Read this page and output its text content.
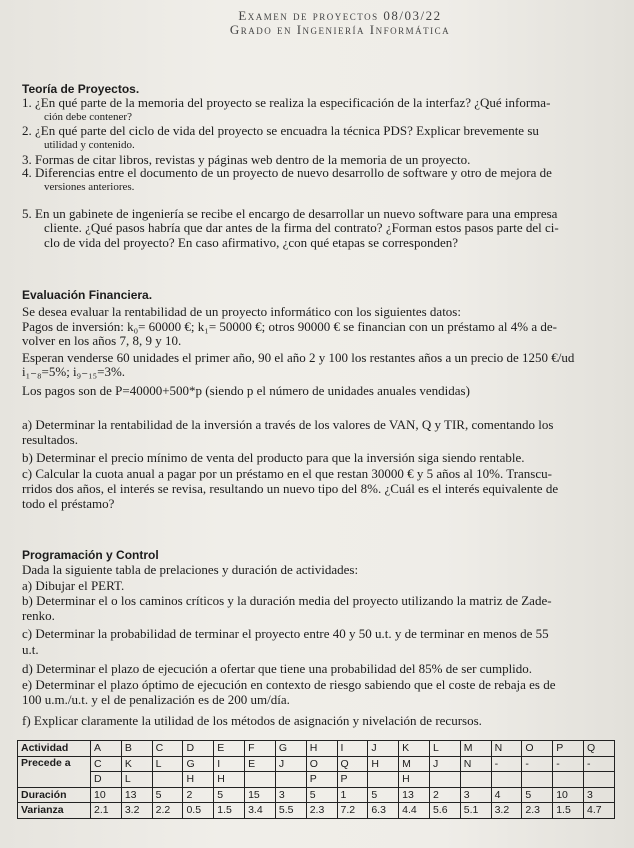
Examen de proyectos 08/03/22
Grado en Ingeniería Informática
Teoría de Proyectos.
1. ¿En qué parte de la memoria del proyecto se realiza la especificación de la interfaz? ¿Qué informa-
ción debe contener?
2. ¿En qué parte del ciclo de vida del proyecto se encuadra la técnica PDS? Explicar brevemente su
utilidad y contenido.
3. Formas de citar libros, revistas y páginas web dentro de la memoria de un proyecto.
4. Diferencias entre el documento de un proyecto de nuevo desarrollo de software y otro de mejora de
versiones anteriores.
5. En un gabinete de ingeniería se recibe el encargo de desarrollar un nuevo software para una empresa
cliente. ¿Qué pasos habría que dar antes de la firma del contrato? ¿Forman estos pasos parte del ci-
clo de vida del proyecto? En caso afirmativo, ¿con qué etapas se corresponden?
Evaluación Financiera.
Se desea evaluar la rentabilidad de un proyecto informático con los siguientes datos:
Pagos de inversión: k₀= 60000 €; k₁= 50000 €; otros 90000 € se financian con un préstamo al 4% a de-
volver en los años 7, 8, 9 y 10.
Esperan venderse 60 unidades el primer año, 90 el año 2 y 100 los restantes años a un precio de 1250 €/ud
i₁₋₈=5%; i₉₋₁₅=3%.
Los pagos son de P=40000+500*p (siendo p el número de unidades anuales vendidas)
a) Determinar la rentabilidad de la inversión a través de los valores de VAN, Q y TIR, comentando los
resultados.
b) Determinar el precio mínimo de venta del producto para que la inversión siga siendo rentable.
c) Calcular la cuota anual a pagar por un préstamo en el que restan 30000 € y 5 años al 10%. Transcu-
rridos dos años, el interés se revisa, resultando un nuevo tipo del 8%. ¿Cuál es el interés equivalente de
todo el préstamo?
Programación y Control
Dada la siguiente tabla de prelaciones y duración de actividades:
a) Dibujar el PERT.
b) Determinar el o los caminos críticos y la duración media del proyecto utilizando la matriz de Zade-
renko.
c) Determinar la probabilidad de terminar el proyecto entre 40 y 50 u.t. y de terminar en menos de 55
u.t.
d) Determinar el plazo de ejecución a ofertar que tiene una probabilidad del 85% de ser cumplido.
e) Determinar el plazo óptimo de ejecución en contexto de riesgo sabiendo que el coste de rebaja es de
100 u.m./u.t. y el de penalización es de 200 um/día.
f) Explicar claramente la utilidad de los métodos de asignación y nivelación de recursos.
Actividad	A	B	C	D	E	F	G	H	I	J	K	L	M	N	O	P	Q
Precede a	C	K	L	G	I	E	J	O	Q	H	M	J	N	-	-	-	-
	D	L		H	H			P	P		H						
Duración	10	13	5	2	5	15	3	5	1	5	13	2	3	4	5	10	3
Varianza	2.1	3.2	2.2	0.5	1.5	3.4	5.5	2.3	7.2	6.3	4.4	5.6	5.1	3.2	2.3	1.5	4.7
